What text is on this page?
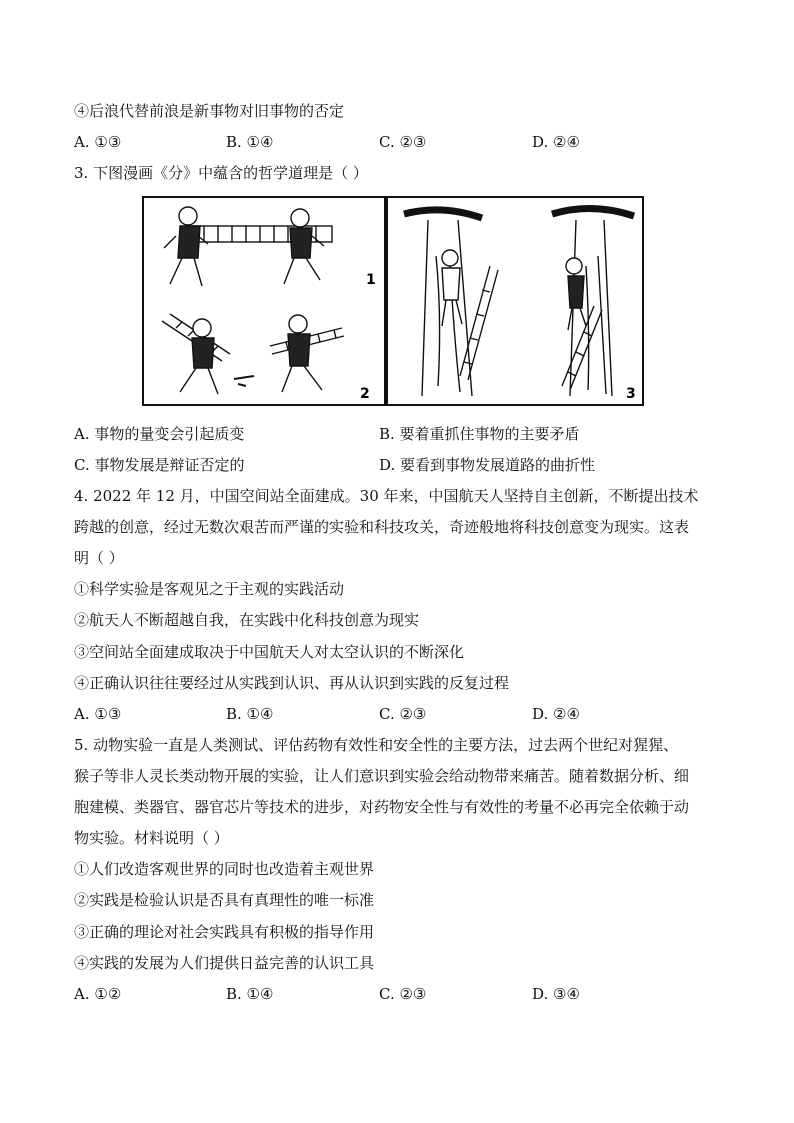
④后浪代替前浪是新事物对旧事物的否定
A. ①③	B. ①④	C. ②③	D. ②④
3. 下图漫画《分》中蕴含的哲学道理是（ ）
1
2	3
A. 事物的量变会引起质变	B. 要着重抓住事物的主要矛盾
C. 事物发展是辩证否定的	D. 要看到事物发展道路的曲折性
4. 2022 年 12 月，中国空间站全面建成。30 年来，中国航天人坚持自主创新，不断提出技术
跨越的创意，经过无数次艰苦而严谨的实验和科技攻关，奇迹般地将科技创意变为现实。这表
明（ ）
①科学实验是客观见之于主观的实践活动
②航天人不断超越自我，在实践中化科技创意为现实
③空间站全面建成取决于中国航天人对太空认识的不断深化
④正确认识往往要经过从实践到认识、再从认识到实践的反复过程
A. ①③	B. ①④	C. ②③	D. ②④
5. 动物实验一直是人类测试、评估药物有效性和安全性的主要方法，过去两个世纪对猩猩、
猴子等非人灵长类动物开展的实验，让人们意识到实验会给动物带来痛苦。随着数据分析、细
胞建模、类器官、器官芯片等技术的进步，对药物安全性与有效性的考量不必再完全依赖于动
物实验。材料说明（ ）
①人们改造客观世界的同时也改造着主观世界
②实践是检验认识是否具有真理性的唯一标准
③正确的理论对社会实践具有积极的指导作用
④实践的发展为人们提供日益完善的认识工具
A. ①②	B. ①④	C. ②③	D. ③④
